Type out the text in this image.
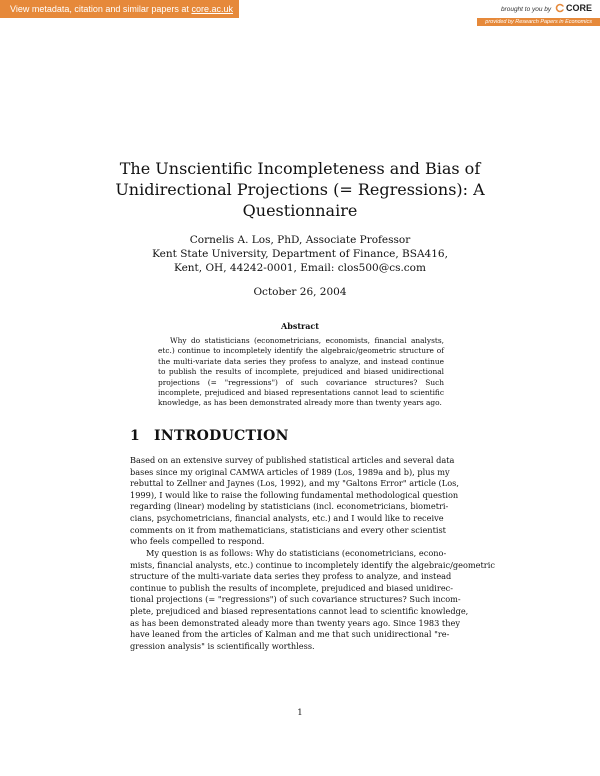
View metadata, citation and similar papers at core.ac.uk	brought to you by CORE
provided by Research Papers in Economics
The Unscientific Incompleteness and Bias of
Unidirectional Projections (= Regressions): A
Questionnaire
Cornelis A. Los, PhD, Associate Professor
Kent State University, Department of Finance, BSA416,
Kent, OH, 44242-0001, Email: clos500@cs.com
October 26, 2004
Abstract
Why do statisticians (econometricians, economists, financial analysts, etc.) continue to incompletely identify the algebraic/geometric structure of the multi-variate data series they profess to analyze, and instead continue to publish the results of incomplete, prejudiced and biased unidirectional projections (= "regressions") of such covariance structures? Such incomplete, prejudiced and biased representations cannot lead to scientific knowledge, as has been demonstrated already more than twenty years ago.
1 INTRODUCTION
Based on an extensive survey of published statistical articles and several data
bases since my original CAMWA articles of 1989 (Los, 1989a and b), plus my
rebuttal to Zellner and Jaynes (Los, 1992), and my "Galtons Error" article (Los,
1999), I would like to raise the following fundamental methodological question
regarding (linear) modeling by statisticians (incl. econometricians, biometri-
cians, psychometricians, financial analysts, etc.) and I would like to receive
comments on it from mathematicians, statisticians and every other scientist
who feels compelled to respond.
My question is as follows: Why do statisticians (econometricians, econo-
mists, financial analysts, etc.) continue to incompletely identify the algebraic/geometric
structure of the multi-variate data series they profess to analyze, and instead
continue to publish the results of incomplete, prejudiced and biased unidirec-
tional projections (= "regressions") of such covariance structures? Such incom-
plete, prejudiced and biased representations cannot lead to scientific knowledge,
as has been demonstrated aleady more than twenty years ago. Since 1983 they
have leaned from the articles of Kalman and me that such unidirectional "re-
gression analysis" is scientifically worthless.
1
